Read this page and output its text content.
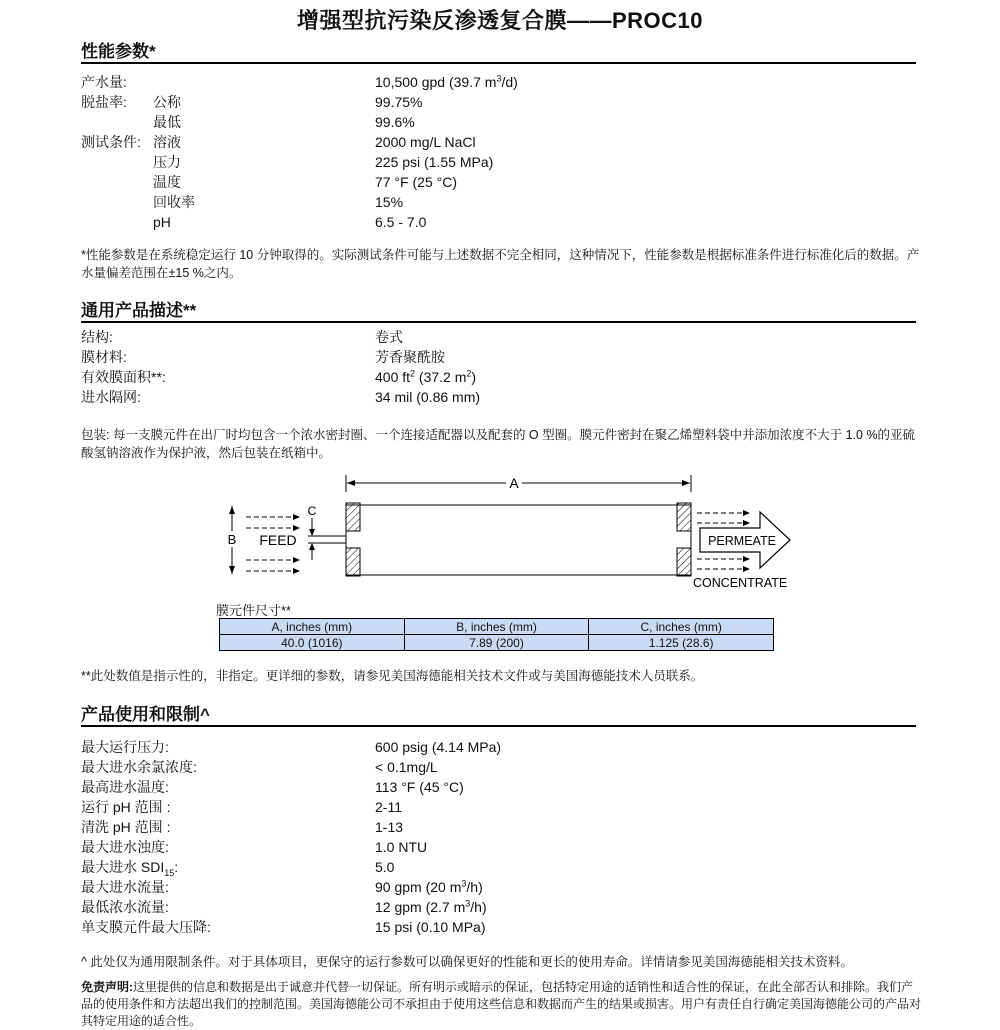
增强型抗污染反渗透复合膜——PROC10
性能参数*
产水量:	10,500 gpd (39.7 $m^3/d$)
脱盐率: 公称	99.75%
最低	99.6%
测试条件: 溶液	2000 mg/L NaCl
压力	225 psi (1.55 MPa)
温度	77 °F (25 °C)
回收率	15%
pH	6.5 - 7.0
*性能参数是在系统稳定运行 10 分钟取得的。实际测试条件可能与上述数据不完全相同，这种情况下，性能参数是根据标准条件进行标准化后的数据。产水量偏差范围在±15 %之内。
通用产品描述**
结构:	卷式
膜材料:	芳香聚酰胺
有效膜面积**:	400 $ft^2$ (37.2 $m^2$)
进水隔网:	34 mil (0.86 mm)
包装: 每一支膜元件在出厂时均包含一个浓水密封圈、一个连接适配器以及配套的 O 型圈。膜元件密封在聚乙烯塑料袋中并添加浓度不大于 1.0 %的亚硫酸氢钠溶液作为保护液，然后包装在纸箱中。
A
B FEED
C
PERMEATE
CONCENTRATE
膜元件尺寸**
A, inches (mm)	B, inches (mm)	C, inches (mm)
40.0 (1016)	7.89 (200)	1.125 (28.6)
**此处数值是指示性的，非指定。更详细的参数，请参见美国海德能相关技术文件或与美国海德能技术人员联系。
产品使用和限制^
最大运行压力:	600 psig (4.14 MPa)
最大进水余氯浓度:	< 0.1mg/L
最高进水温度:	113 °F (45 °C)
运行 pH 范围 :	2-11
清洗 pH 范围 :	1-13
最大进水浊度:	1.0 NTU
最大进水 $SDI_{15}$:	5.0
最大进水流量:	90 gpm (20 $m^3/h$)
最低浓水流量:	12 gpm (2.7 $m^3/h$)
单支膜元件最大压降:	15 psi (0.10 MPa)
^ 此处仅为通用限制条件。对于具体项目，更保守的运行参数可以确保更好的性能和更长的使用寿命。详情请参见美国海德能相关技术资料。
免责声明:这里提供的信息和数据是出于诚意并代替一切保证。所有明示或暗示的保证，包括特定用途的适销性和适合性的保证，在此全部否认和排除。我们产品的使用条件和方法超出我们的控制范围。美国海德能公司不承担由于使用这些信息和数据而产生的结果或损害。用户有责任自行确定美国海德能公司的产品对其特定用途的适合性。
